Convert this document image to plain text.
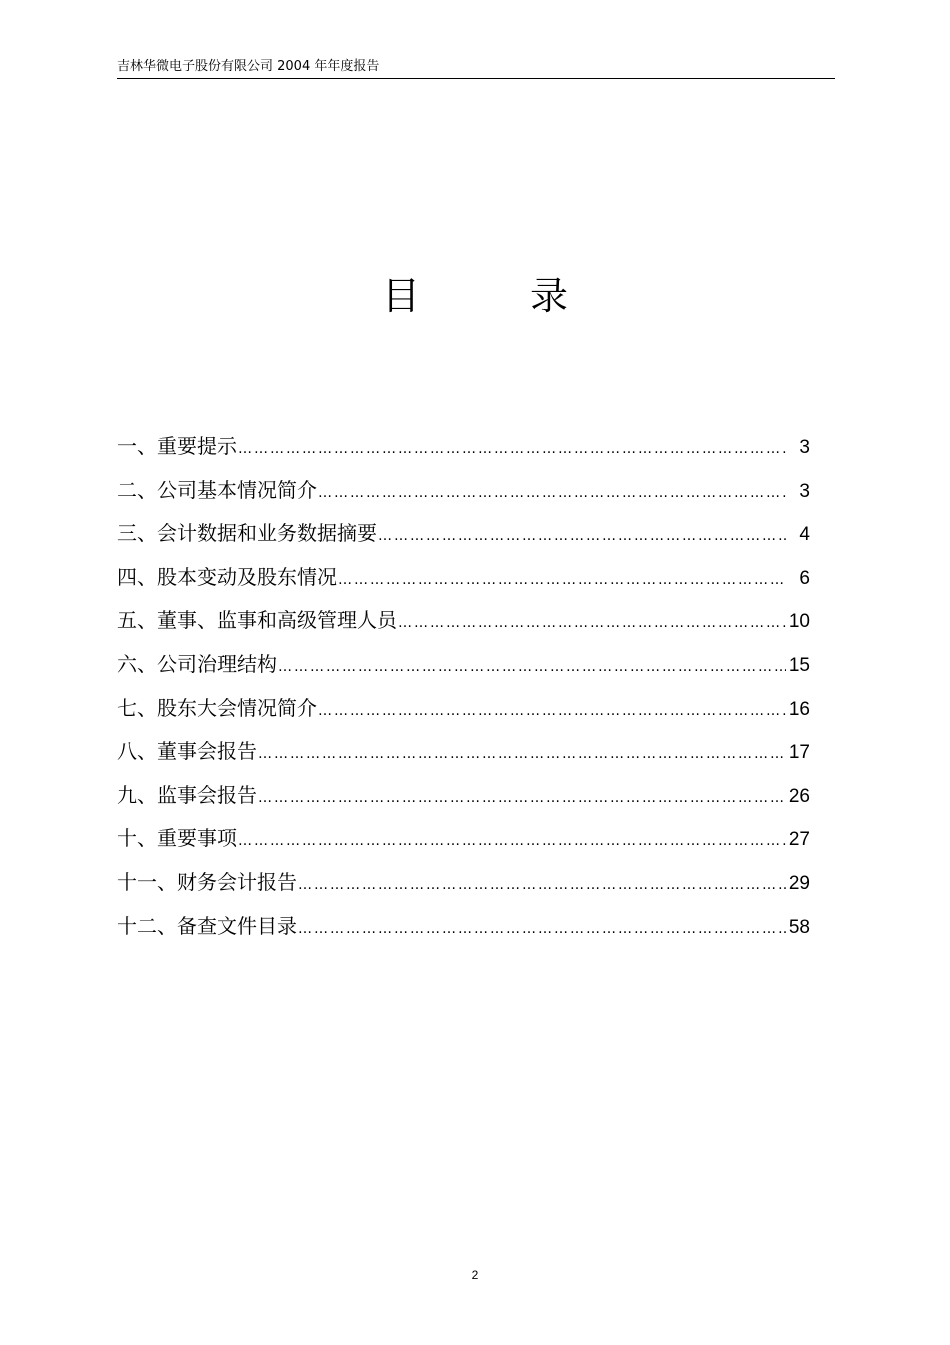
吉林华微电子股份有限公司 2004 年年度报告
目	录
一、重要提示 …………………………………………………………………………………………………………………………………………………………………………	3
二、公司基本情况简介 …………………………………………………………………………………………………………………………………………………………………………	3
三、会计数据和业务数据摘要 …………………………………………………………………………………………………………………………………………………………………………	4
四、股本变动及股东情况 …………………………………………………………………………………………………………………………………………………………………………	6
五、董事、监事和高级管理人员 …………………………………………………………………………………………………………………………………………………………………………	10
六、公司治理结构 …………………………………………………………………………………………………………………………………………………………………………	15
七、股东大会情况简介 …………………………………………………………………………………………………………………………………………………………………………	16
八、董事会报告 …………………………………………………………………………………………………………………………………………………………………………	17
九、监事会报告 …………………………………………………………………………………………………………………………………………………………………………	26
十、重要事项 …………………………………………………………………………………………………………………………………………………………………………	27
十一、财务会计报告 …………………………………………………………………………………………………………………………………………………………………………	29
十二、备查文件目录 …………………………………………………………………………………………………………………………………………………………………………	58
2
